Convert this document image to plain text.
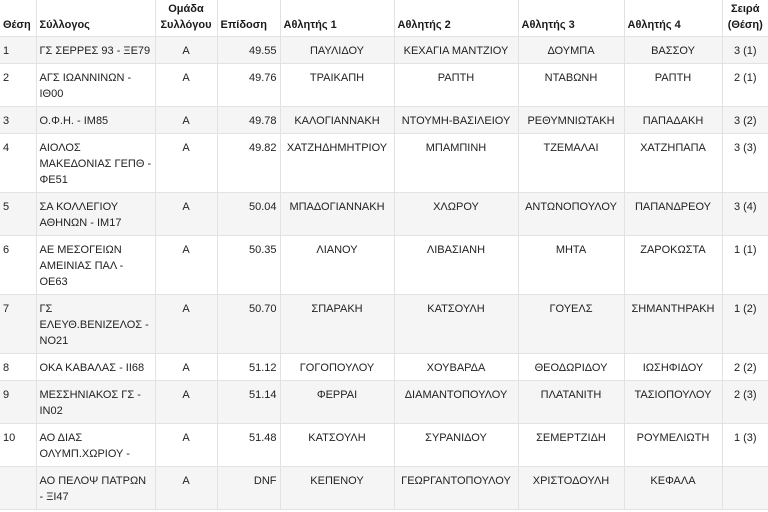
Θέση	Σύλλογος	Ομάδα Συλλόγου	Επίδοση	Αθλητής 1	Αθλητής 2	Αθλητής 3	Αθλητής 4	Σειρά (Θέση)
1	ΓΣ ΣΕΡΡΕΣ 93 - ΞΕ79	Α	49.55	ΠΑΥΛΙΔΟΥ	ΚΕΧΑΓΙΑ ΜΑΝΤΖΙΟΥ	ΔΟΥΜΠΑ	ΒΑΣΣΟΥ	3 (1)
2	ΑΓΣ ΙΩΑΝΝΙΝΩΝ - ΙΘ00	Α	49.76	ΤΡΑΙΚΑΠΗ	ΡΑΠΤΗ	ΝΤΑΒΩΝΗ	ΡΑΠΤΗ	2 (1)
3	Ο.Φ.Η. - ΙΜ85	Α	49.78	ΚΑΛΟΓΙΑΝΝΑΚΗ	ΝΤΟΥΜΗ-ΒΑΣΙΛΕΙΟΥ	ΡΕΘΥΜΝΙΩΤΑΚΗ	ΠΑΠΑΔΑΚΗ	3 (2)
4	ΑΙΟΛΟΣ ΜΑΚΕΔΟΝΙΑΣ ΓΕΠΘ - ΦΕ51	Α	49.82	ΧΑΤΖΗΔΗΜΗΤΡΙΟΥ	ΜΠΑΜΠΙΝΗ	ΤΖΕΜΑΛΑΙ	ΧΑΤΖΗΠΑΠΑ	3 (3)
5	ΣΑ ΚΟΛΛΕΓΙΟΥ ΑΘΗΝΩΝ - ΙΜ17	Α	50.04	ΜΠΑΔΟΓΙΑΝΝΑΚΗ	ΧΛΩΡΟΥ	ΑΝΤΩΝΟΠΟΥΛΟΥ	ΠΑΠΑΝΔΡΕΟΥ	3 (4)
6	ΑΕ ΜΕΣΟΓΕΙΩΝ ΑΜΕΙΝΙΑΣ ΠΑΛ - ΟΕ63	Α	50.35	ΛΙΑΝΟΥ	ΛΙΒΑΣΙΑΝΗ	ΜΗΤΑ	ΖΑΡΟΚΩΣΤΑ	1 (1)
7	ΓΣ ΕΛΕΥΘ.ΒΕΝΙΖΕΛΟΣ - ΝΟ21	Α	50.70	ΣΠΑΡΑΚΗ	ΚΑΤΣΟΥΛΗ	ΓΟΥΕΛΣ	ΣΗΜΑΝΤΗΡΑΚΗ	1 (2)
8	ΟΚΑ ΚΑΒΑΛΑΣ - ΙΙ68	Α	51.12	ΓΟΓΟΠΟΥΛΟΥ	ΧΟΥΒΑΡΔΑ	ΘΕΟΔΩΡΙΔΟΥ	ΙΩΣΗΦΙΔΟΥ	2 (2)
9	ΜΕΣΣΗΝΙΑΚΟΣ ΓΣ - ΙΝ02	Α	51.14	ΦΕΡΡΑΙ	ΔΙΑΜΑΝΤΟΠΟΥΛΟΥ	ΠΛΑΤΑΝΙΤΗ	ΤΑΣΙΟΠΟΥΛΟΥ	2 (3)
10	ΑΟ ΔΙΑΣ ΟΛΥΜΠ.ΧΩΡΙΟΥ -	Α	51.48	ΚΑΤΣΟΥΛΗ	ΣΥΡΑΝΙΔΟΥ	ΣΕΜΕΡΤΖΙΔΗ	ΡΟΥΜΕΛΙΩΤΗ	1 (3)
	ΑΟ ΠΕΛΟΨ ΠΑΤΡΩΝ - ΞΙ47	Α	DNF	ΚΕΠΕΝΟΥ	ΓΕΩΡΓΑΝΤΟΠΟΥΛΟΥ	ΧΡΙΣΤΟΔΟΥΛΗ	ΚΕΦΑΛΑ	
